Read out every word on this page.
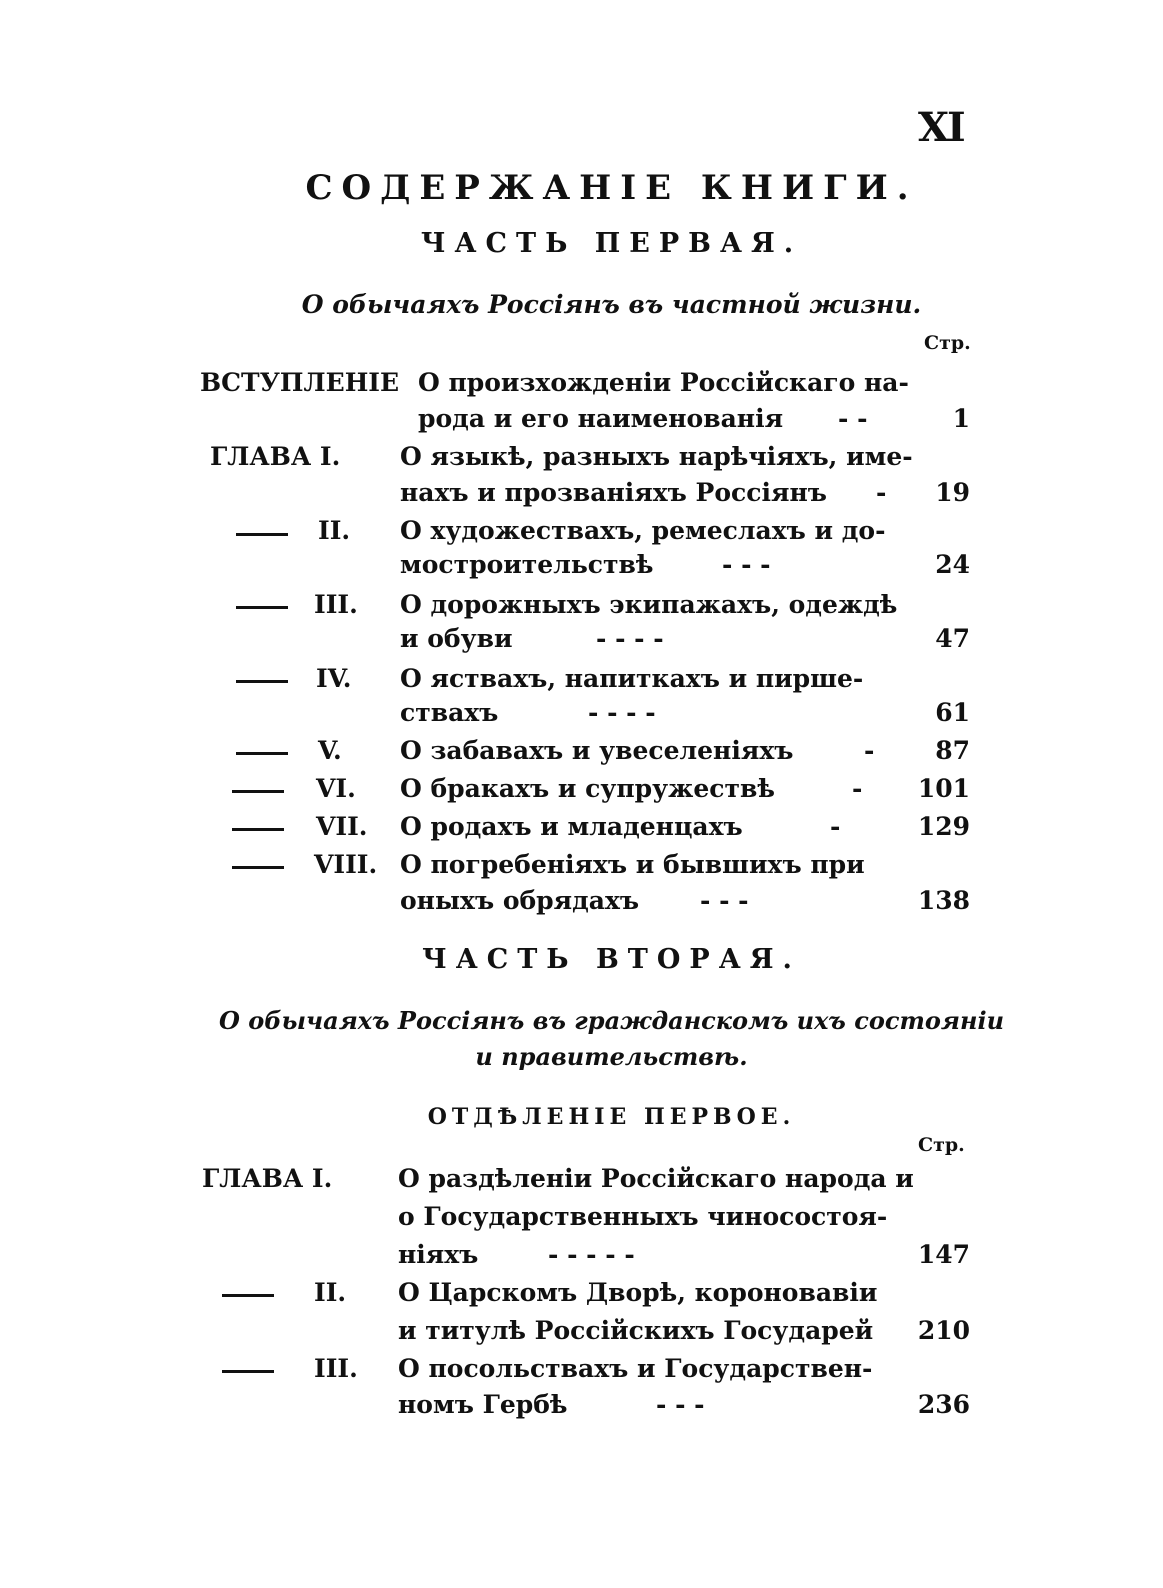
XI
СОДЕРЖАНІЕ КНИГИ.
ЧАСТЬ ПЕРВАЯ.
О обычаяхъ Россіянъ въ частной жизни.
Стр.
ВСТУПЛЕНІЕ О произхожденіи Россійскаго на-
рода и его наименованія - -	1
ГЛАВА I. О языкѣ, разныхъ нарѣчіяхъ, име-
нахъ и прозваніяхъ Россіянъ -	19
II. О художествахъ, ремеслахъ и до-
мостроительствѣ	- - -	24
III. О дорожныхъ экипажахъ, одеждѣ
и обуви	- - - -	47
IV. О яствахъ, напиткахъ и пирше-
ствахъ	- - - -	61
V. О забавахъ и увеселеніяхъ	-	87
VI. О бракахъ и супружествѣ	-	101
VII. О родахъ и младенцахъ	-	129
VIII. О погребеніяхъ и бывшихъ при
оныхъ обрядахъ - - -	138
ЧАСТЬ ВТОРАЯ.
О обычаяхъ Россіянъ въ гражданскомъ ихъ состояніи
и правительствѣ.
ОТДѢЛЕНІЕ ПЕРВОЕ.
Стр.
ГЛАВА I.	О раздѣленіи Россійскаго народа и
о Государственныхъ чиносостоя-
ніяхъ	- - - - -	147
II. О Царскомъ Дворѣ, короновавіи
и титулѣ Россійскихъ Государей	210
III. О посольствахъ и Государствен-
номъ Гербѣ	- - -	236
